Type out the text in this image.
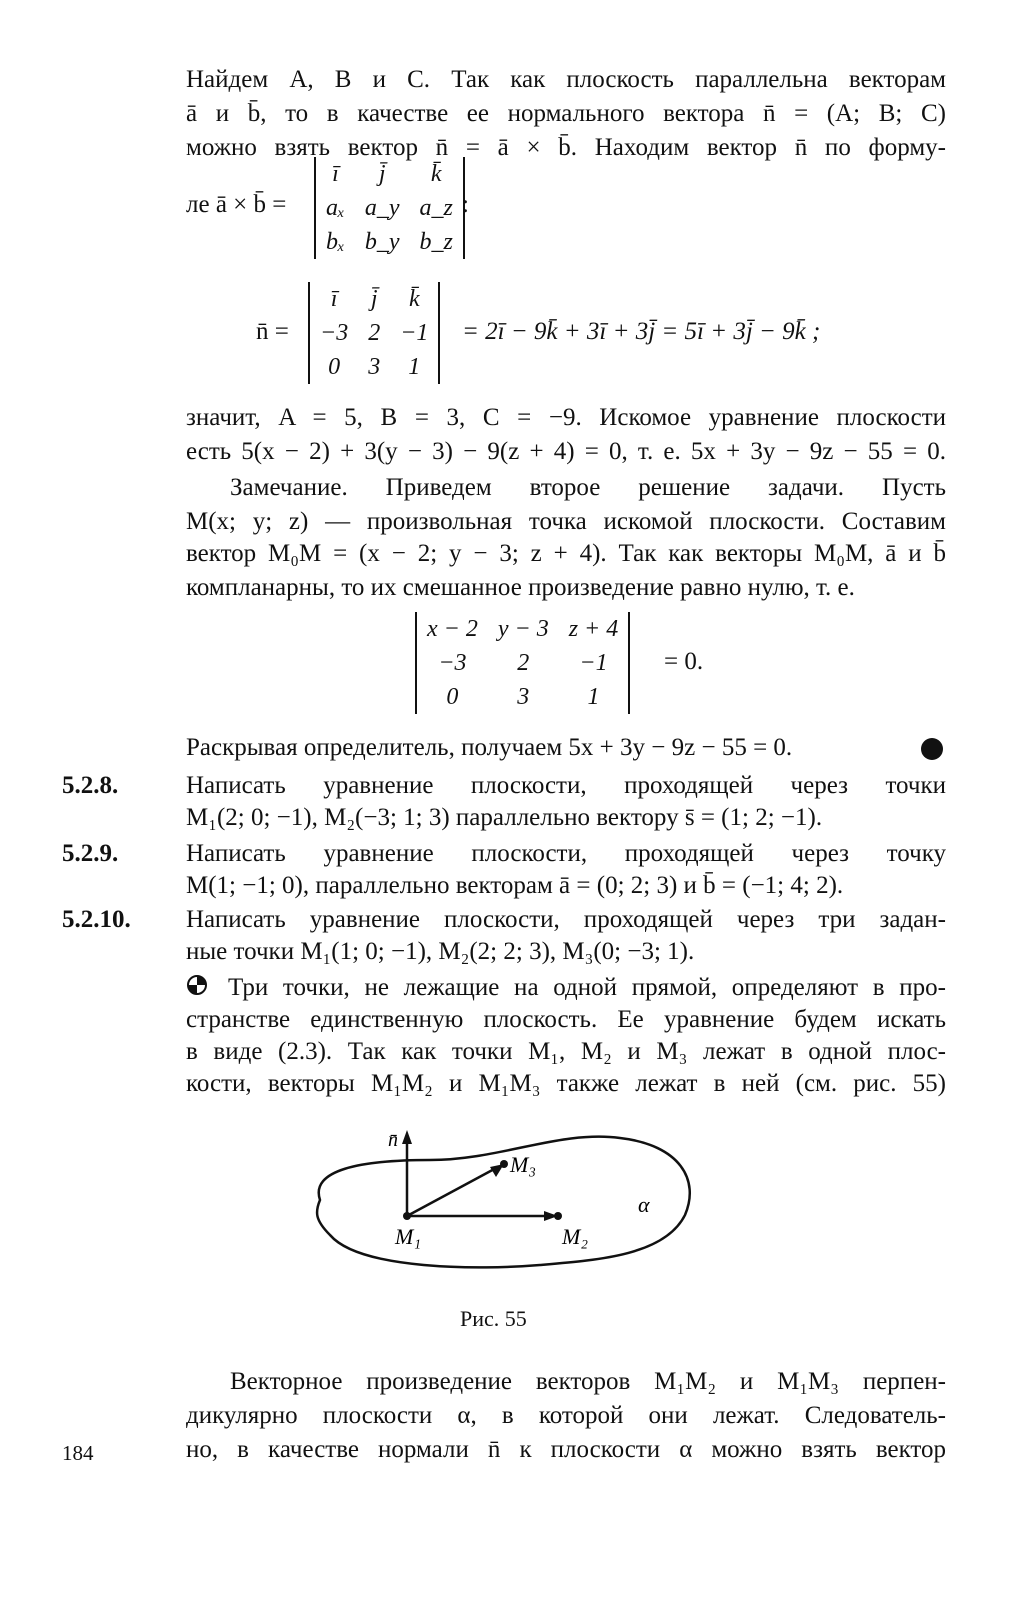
Найдем A, B и C. Так как плоскость параллельна векторам
ā и b̄, то в качестве ее нормального вектора n̄ = (A; B; C)
можно взять вектор n̄ = ā × b̄. Находим вектор n̄ по форму-
ле ā × b̄ =
ī	j̄	k̄
aₓ	a_y	a_z
bₓ	b_y	b_z
:
n̄ =
ī	j̄	k̄
−3	2	−1
0	3	1
= 2ī − 9k̄ + 3ī + 3j̄ = 5ī + 3j̄ − 9k̄ ;
значит, A = 5, B = 3, C = −9. Искомое уравнение плоскости
есть 5(x − 2) + 3(y − 3) − 9(z + 4) = 0, т. е. 5x + 3y − 9z − 55 = 0.
Замечание. Приведем второе решение задачи. Пусть
M(x; y; z) — произвольная точка искомой плоскости. Составим
вектор M₀M = (x − 2; y − 3; z + 4). Так как векторы M₀M, ā и b̄
компланарны, то их смешанное произведение равно нулю, т. е.
x − 2	y − 3	z + 4
−3	2	−1
0	3	1
= 0.
Раскрывая определитель, получаем 5x + 3y − 9z − 55 = 0.
5.2.8.	Написать уравнение плоскости, проходящей через точки
M₁(2; 0; −1), M₂(−3; 1; 3) параллельно вектору s̄ = (1; 2; −1).
5.2.9.	Написать уравнение плоскости, проходящей через точку
M(1; −1; 0), параллельно векторам ā = (0; 2; 3) и b̄ = (−1; 4; 2).
5.2.10. Написать уравнение плоскости, проходящей через три задан-
ные точки M₁(1; 0; −1), M₂(2; 2; 3), M₃(0; −3; 1).
Три точки, не лежащие на одной прямой, определяют в про-
странстве единственную плоскость. Ее уравнение будем искать
в виде (2.3). Так как точки M₁, M₂ и M₃ лежат в одной плос-
кости, векторы M₁M₂ и M₁M₃ также лежат в ней (см. рис. 55)
n̄
M₃
M₁	M₂
α
Рис. 55
Векторное произведение векторов M₁M₂ и M₁M₃ перпен-
дикулярно плоскости α, в которой они лежат. Следователь-
но, в качестве нормали n̄ к плоскости α можно взять вектор
184
